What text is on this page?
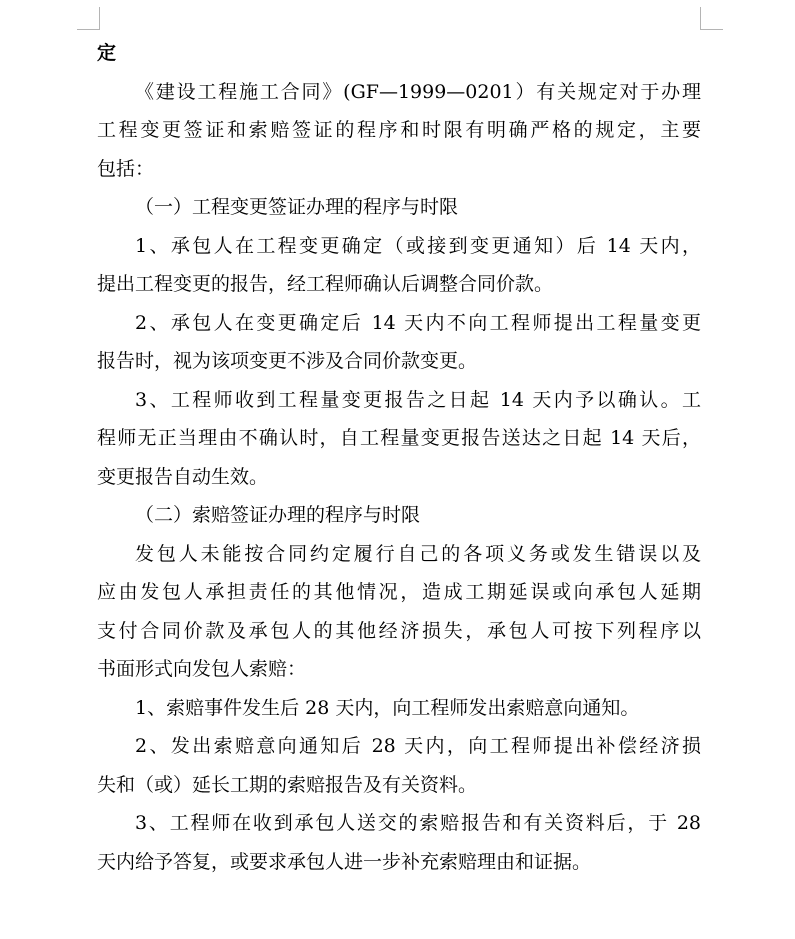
定
《建设工程施工合同》(GF—1999—0201）有关规定对于办理
工程变更签证和索赔签证的程序和时限有明确严格的规定，主要
包括：
（一）工程变更签证办理的程序与时限
1、承包人在工程变更确定（或接到变更通知）后 14 天内，
提出工程变更的报告，经工程师确认后调整合同价款。
2、承包人在变更确定后 14 天内不向工程师提出工程量变更
报告时，视为该项变更不涉及合同价款变更。
3、工程师收到工程量变更报告之日起 14 天内予以确认。工
程师无正当理由不确认时，自工程量变更报告送达之日起 14 天后，
变更报告自动生效。
（二）索赔签证办理的程序与时限
发包人未能按合同约定履行自己的各项义务或发生错误以及
应由发包人承担责任的其他情况，造成工期延误或向承包人延期
支付合同价款及承包人的其他经济损失，承包人可按下列程序以
书面形式向发包人索赔：
1、索赔事件发生后 28 天内，向工程师发出索赔意向通知。
2、发出索赔意向通知后 28 天内，向工程师提出补偿经济损
失和（或）延长工期的索赔报告及有关资料。
3、工程师在收到承包人送交的索赔报告和有关资料后，于 28
天内给予答复，或要求承包人进一步补充索赔理由和证据。
